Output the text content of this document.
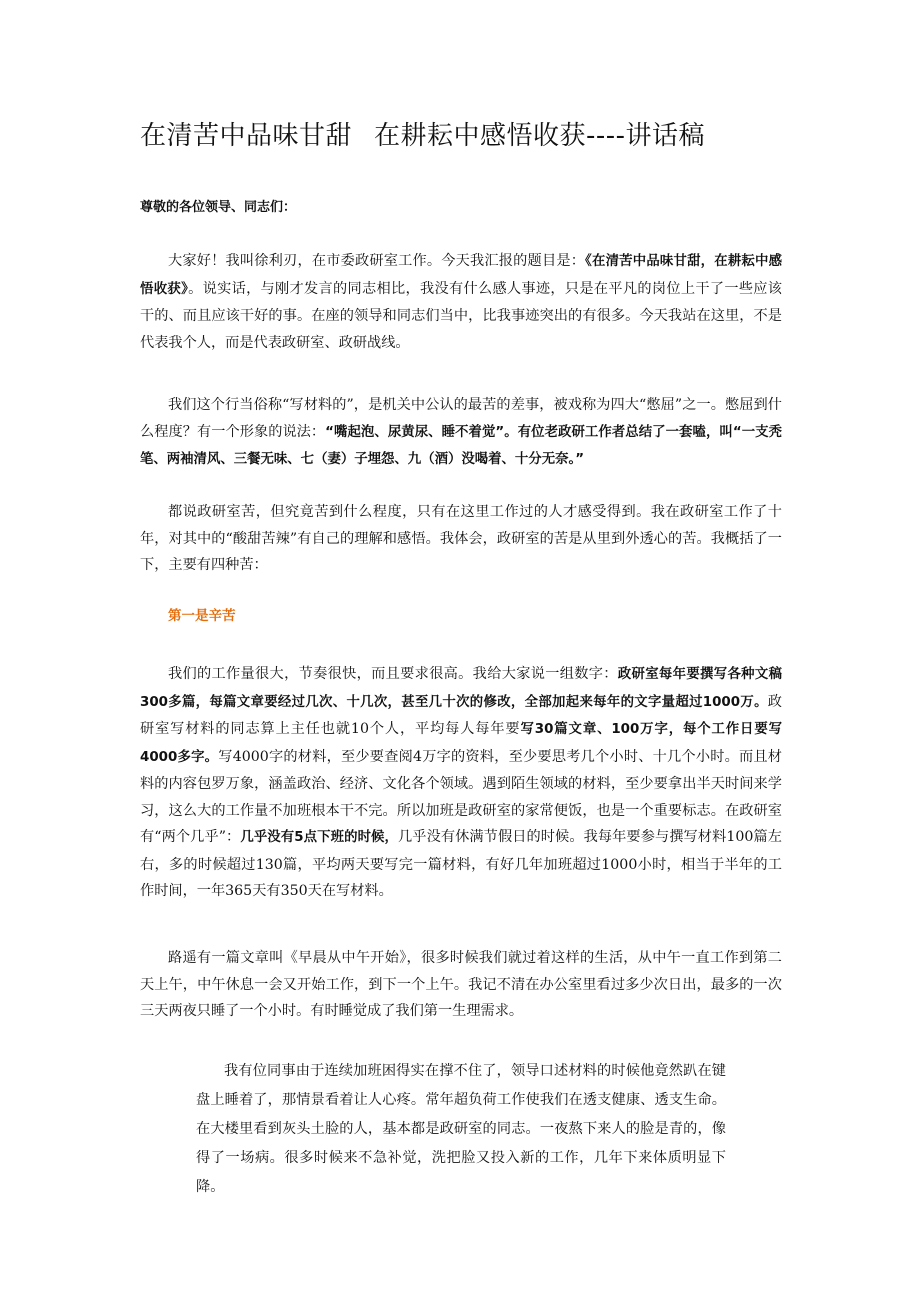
在清苦中品味甘甜 在耕耘中感悟收获----讲话稿

尊敬的各位领导、同志们：

大家好！我叫徐利刃，在市委政研室工作。今天我汇报的题目是：《在清苦中品味甘甜，在耕耘中感悟收获》。说实话，与刚才发言的同志相比，我没有什么感人事迹，只是在平凡的岗位上干了一些应该干的、而且应该干好的事。在座的领导和同志们当中，比我事迹突出的有很多。今天我站在这里，不是代表我个人，而是代表政研室、政研战线。

我们这个行当俗称“写材料的”，是机关中公认的最苦的差事，被戏称为四大“憋屈”之一。憋屈到什么程度？有一个形象的说法：“嘴起泡、尿黄尿、睡不着觉”。有位老政研工作者总结了一套嗑，叫“一支秃笔、两袖清风、三餐无味、七（妻）子埋怨、九（酒）没喝着、十分无奈。”

都说政研室苦，但究竟苦到什么程度，只有在这里工作过的人才感受得到。我在政研室工作了十年，对其中的“酸甜苦辣”有自己的理解和感悟。我体会，政研室的苦是从里到外透心的苦。我概括了一下，主要有四种苦：

第一是辛苦

我们的工作量很大，节奏很快，而且要求很高。我给大家说一组数字：政研室每年要撰写各种文稿300多篇，每篇文章要经过几次、十几次，甚至几十次的修改，全部加起来每年的文字量超过1000万。政研室写材料的同志算上主任也就10个人，平均每人每年要写30篇文章、100万字，每个工作日要写4000多字。写4000字的材料，至少要查阅4万字的资料，至少要思考几个小时、十几个小时。而且材料的内容包罗万象，涵盖政治、经济、文化各个领域。遇到陌生领域的材料，至少要拿出半天时间来学习，这么大的工作量不加班根本干不完。所以加班是政研室的家常便饭，也是一个重要标志。在政研室有“两个几乎”：几乎没有5点下班的时候，几乎没有休满节假日的时候。我每年要参与撰写材料100篇左右，多的时候超过130篇，平均两天要写完一篇材料，有好几年加班超过1000小时，相当于半年的工作时间，一年365天有350天在写材料。

路遥有一篇文章叫《早晨从中午开始》，很多时候我们就过着这样的生活，从中午一直工作到第二天上午，中午休息一会又开始工作，到下一个上午。我记不清在办公室里看过多少次日出，最多的一次三天两夜只睡了一个小时。有时睡觉成了我们第一生理需求。

我有位同事由于连续加班困得实在撑不住了，领导口述材料的时候他竟然趴在键盘上睡着了，那情景看着让人心疼。常年超负荷工作使我们在透支健康、透支生命。在大楼里看到灰头土脸的人，基本都是政研室的同志。一夜熬下来人的脸是青的，像得了一场病。很多时候来不急补觉，洗把脸又投入新的工作，几年下来体质明显下降。
